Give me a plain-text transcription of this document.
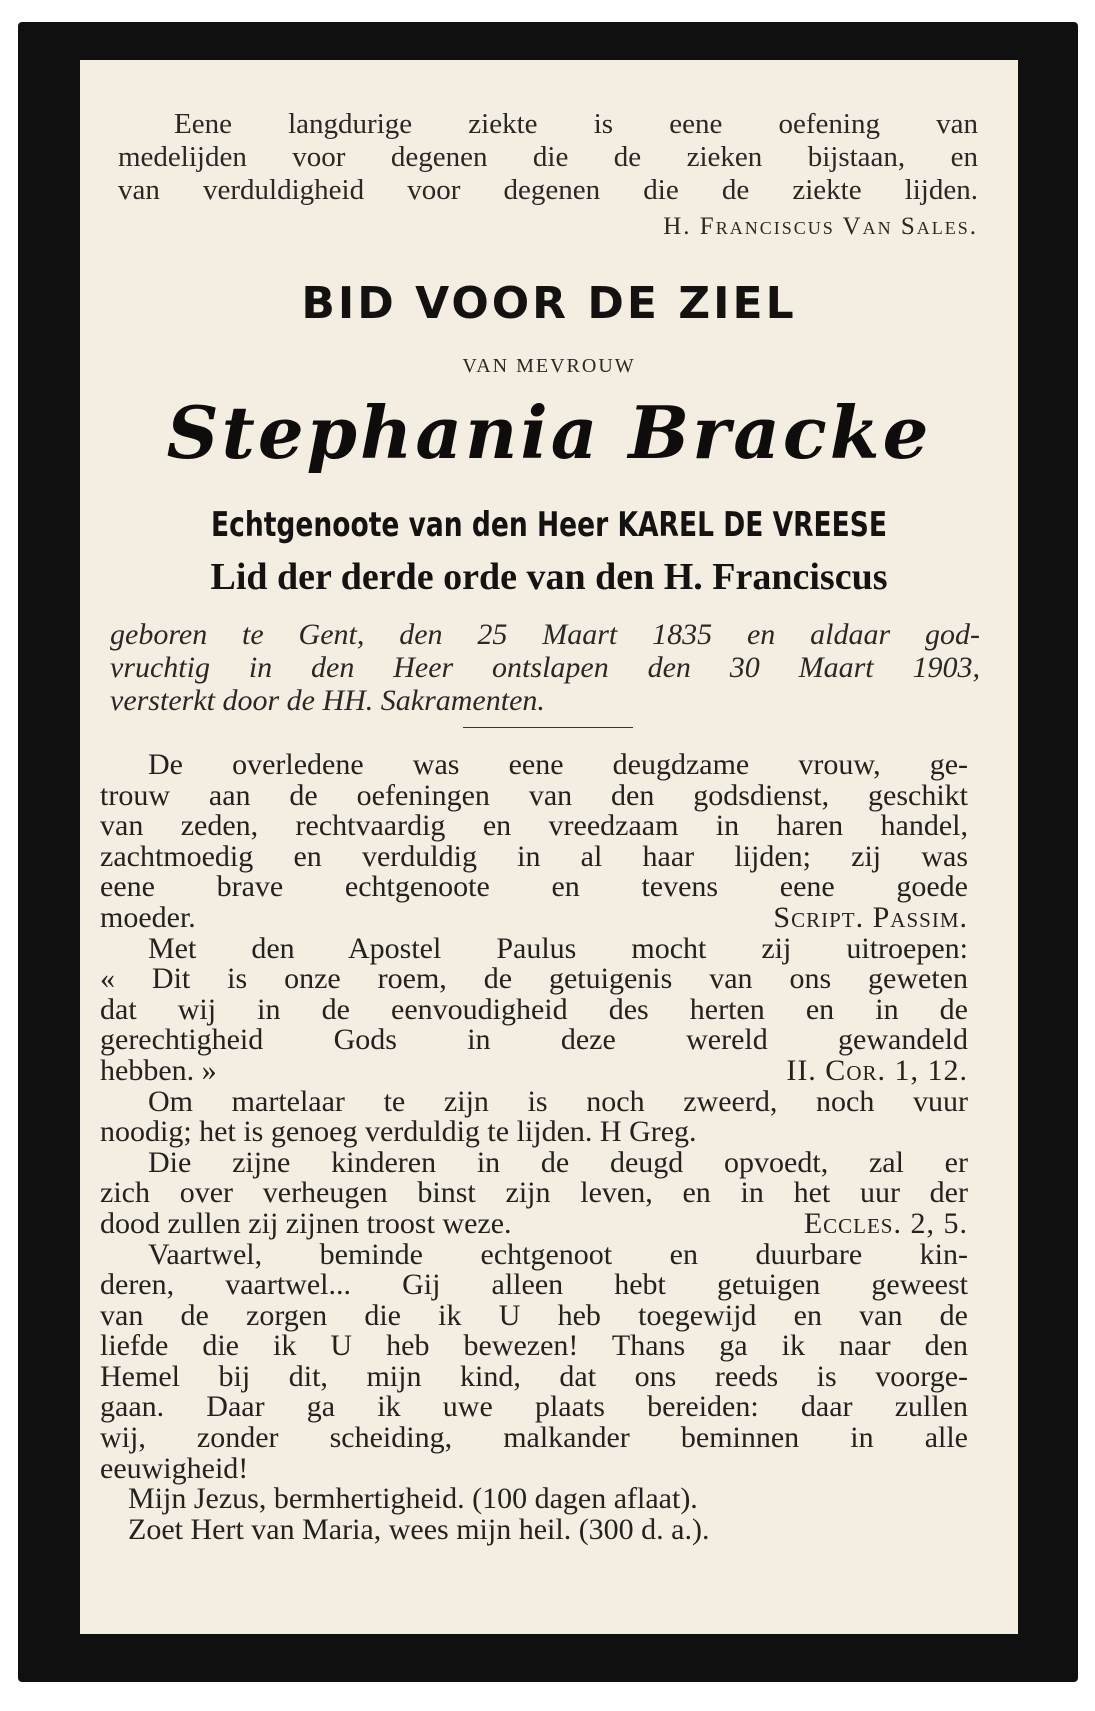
Eene langdurige ziekte is eene oefening van
medelijden voor degenen die de zieken bijstaan, en
van verduldigheid voor degenen die de ziekte lijden.
H. Franciscus Van Sales.
BID VOOR DE ZIEL
VAN MEVROUW
Stephania Bracke
Echtgenoote van den Heer KAREL DE VREESE
Lid der derde orde van den H. Franciscus
geboren te Gent, den 25 Maart 1835 en aldaar god-
vruchtig in den Heer ontslapen den 30 Maart 1903,
versterkt door de HH. Sakramenten.
De overledene was eene deugdzame vrouw, ge-
trouw aan de oefeningen van den godsdienst, geschikt
van zeden, rechtvaardig en vreedzaam in haren handel,
zachtmoedig en verduldig in al haar lijden; zij was
eene brave echtgenoote en tevens eene goede
moeder.	Script. Passim.
Met den Apostel Paulus mocht zij uitroepen:
« Dit is onze roem, de getuigenis van ons geweten
dat wij in de eenvoudigheid des herten en in de
gerechtigheid Gods in deze wereld gewandeld
hebben. »	II. Cor. 1, 12.
Om martelaar te zijn is noch zweerd, noch vuur
noodig; het is genoeg verduldig te lijden. H Greg.
Die zijne kinderen in de deugd opvoedt, zal er
zich over verheugen binst zijn leven, en in het uur der
dood zullen zij zijnen troost weze.	Eccles. 2, 5.
Vaartwel, beminde echtgenoot en duurbare kin-
deren, vaartwel... Gij alleen hebt getuigen geweest
van de zorgen die ik U heb toegewijd en van de
liefde die ik U heb bewezen! Thans ga ik naar den
Hemel bij dit, mijn kind, dat ons reeds is voorge-
gaan. Daar ga ik uwe plaats bereiden: daar zullen
wij, zonder scheiding, malkander beminnen in alle
eeuwigheid!
Mijn Jezus, bermhertigheid. (100 dagen aflaat).
Zoet Hert van Maria, wees mijn heil. (300 d. a.).
